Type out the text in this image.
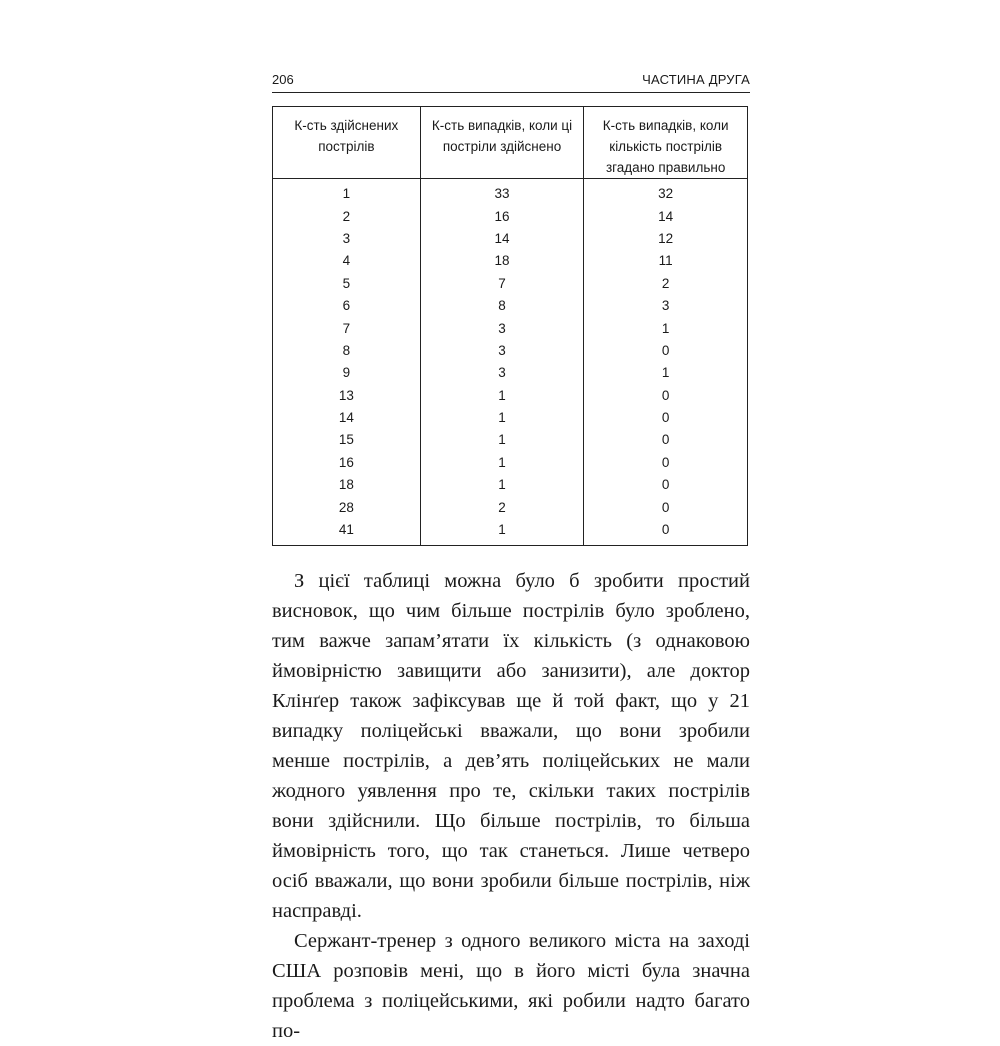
206	ЧАСТИНА ДРУГА
К-сть здійснених пострілів	К-сть випадків, коли ці постріли здійснено	К-сть випадків, коли кількість пострілів згадано правильно
1	33	32
2	16	14
3	14	12
4	18	11
5	7	2
6	8	3
7	3	1
8	3	0
9	3	1
13	1	0
14	1	0
15	1	0
16	1	0
18	1	0
28	2	0
41	1	0

З цієї таблиці можна було б зробити простий висновок, що чим більше пострілів було зроблено, тим важче запам’ятати їх кількість (з однаковою ймовірністю завищити або занизити), але доктор Клінґер також зафіксував ще й той факт, що у 21 випадку поліцейські вважали, що вони зробили менше пострілів, а дев’ять поліцейських не мали жодного уявлення про те, скільки таких пострілів вони здійснили. Що більше пострілів, то більша ймовірність того, що так станеться. Лише четверо осіб вважали, що вони зробили більше пострілів, ніж насправді.

Сержант-тренер з одного великого міста на заході США розповів мені, що в його місті була значна проблема з поліцейськими, які робили надто багато по-
